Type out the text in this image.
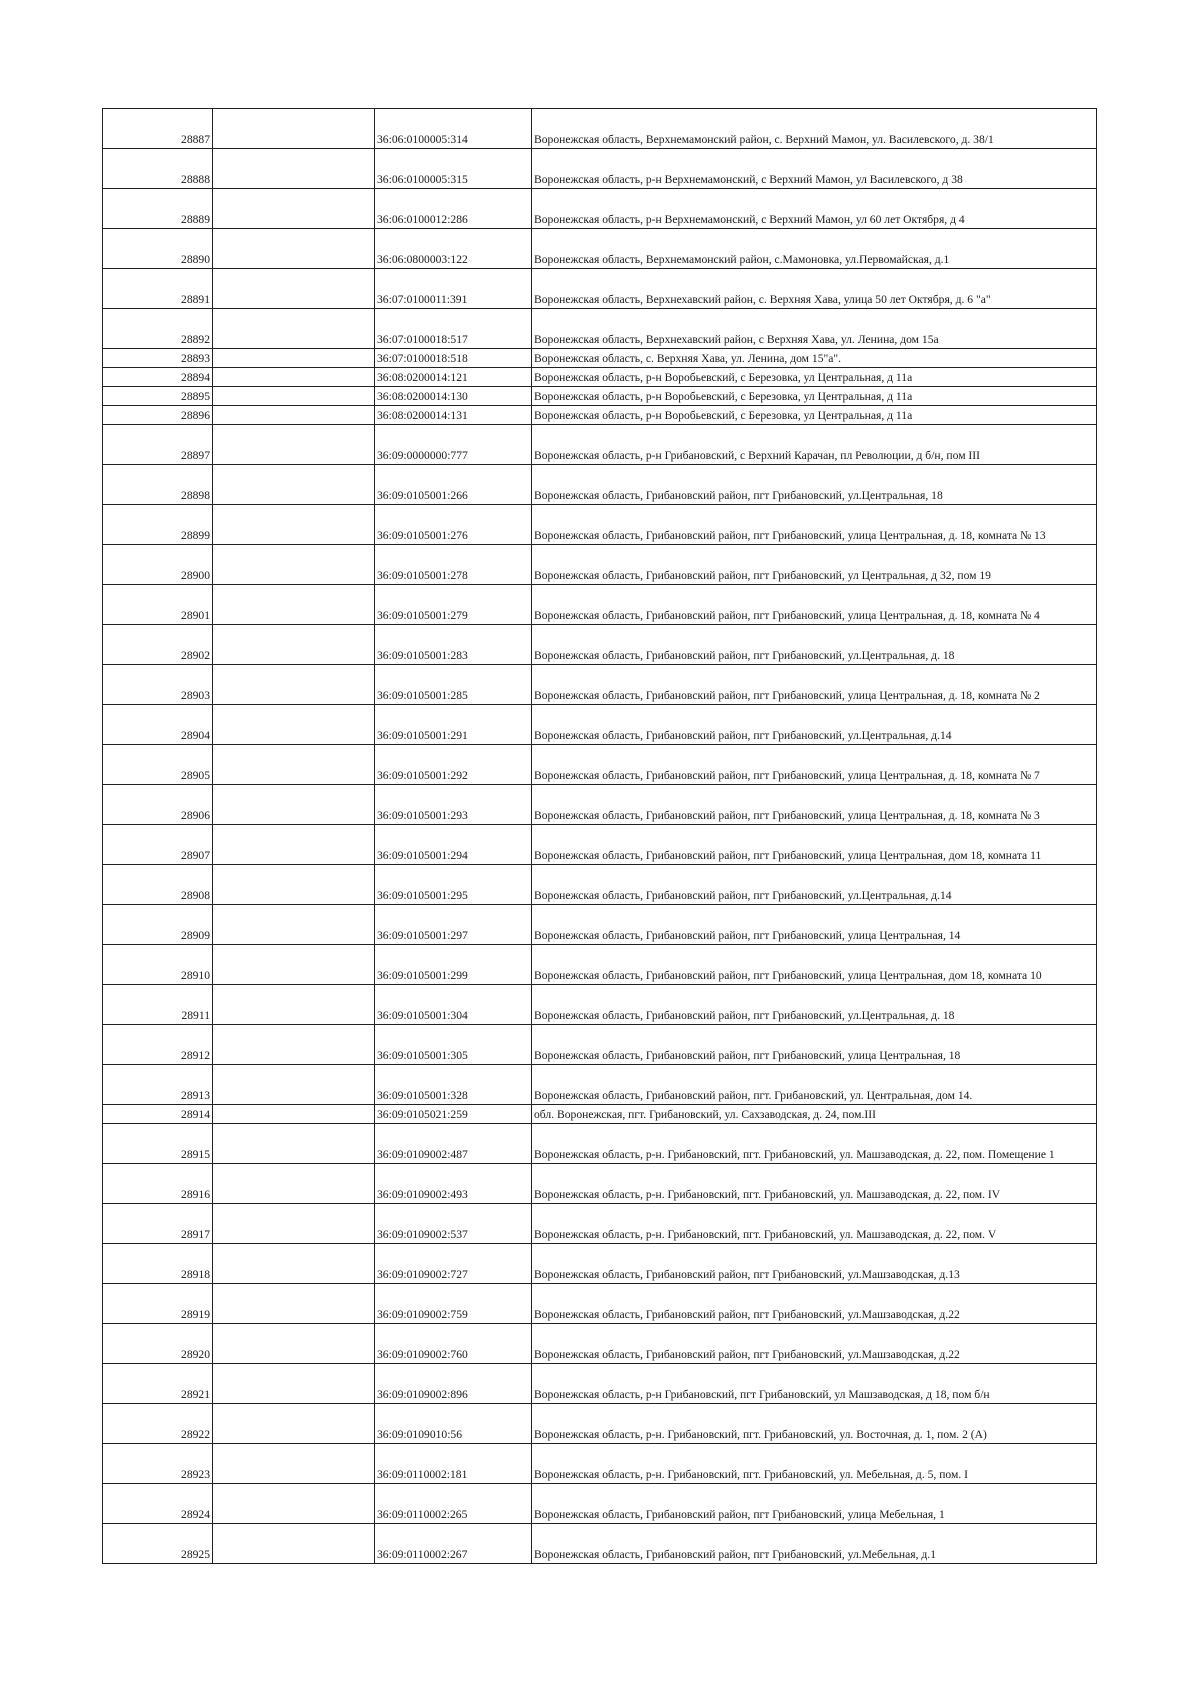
28887		36:06:0100005:314	Воронежская область, Верхнемамонский район, с. Верхний Мамон, ул. Василевского, д. 38/1
28888		36:06:0100005:315	Воронежская область, р-н Верхнемамонский, с Верхний Мамон, ул Василевского, д 38
28889		36:06:0100012:286	Воронежская область, р-н Верхнемамонский, с Верхний Мамон, ул 60 лет Октября, д 4
28890		36:06:0800003:122	Воронежская область, Верхнемамонский район, с.Мамоновка, ул.Первомайская, д.1
28891		36:07:0100011:391	Воронежская область, Верхнехавский район, с. Верхняя Хава, улица 50 лет Октября, д. 6 "а"
28892		36:07:0100018:517	Воронежская область, Верхнехавский район, с Верхняя Хава, ул. Ленина, дом 15а
28893		36:07:0100018:518	Воронежская область, с. Верхняя Хава, ул. Ленина, дом 15"а".
28894		36:08:0200014:121	Воронежская область, р-н Воробьевский, с Березовка, ул Центральная, д 11а
28895		36:08:0200014:130	Воронежская область, р-н Воробьевский, с Березовка, ул Центральная, д 11а
28896		36:08:0200014:131	Воронежская область, р-н Воробьевский, с Березовка, ул Центральная, д 11а
28897		36:09:0000000:777	Воронежская область, р-н Грибановский, с Верхний Карачан, пл Революции, д б/н, пом III
28898		36:09:0105001:266	Воронежская область, Грибановский район, пгт Грибановский, ул.Центральная, 18
28899		36:09:0105001:276	Воронежская область, Грибановский район, пгт Грибановский, улица Центральная, д. 18, комната № 13
28900		36:09:0105001:278	Воронежская область, Грибановский район, пгт Грибановский, ул Центральная, д 32, пом 19
28901		36:09:0105001:279	Воронежская область, Грибановский район, пгт Грибановский, улица Центральная, д. 18, комната № 4
28902		36:09:0105001:283	Воронежская область, Грибановский район, пгт Грибановский, ул.Центральная, д. 18
28903		36:09:0105001:285	Воронежская область, Грибановский район, пгт Грибановский, улица Центральная, д. 18, комната № 2
28904		36:09:0105001:291	Воронежская область, Грибановский район, пгт Грибановский, ул.Центральная, д.14
28905		36:09:0105001:292	Воронежская область, Грибановский район, пгт Грибановский, улица Центральная, д. 18, комната № 7
28906		36:09:0105001:293	Воронежская область, Грибановский район, пгт Грибановский, улица Центральная, д. 18, комната № 3
28907		36:09:0105001:294	Воронежская область, Грибановский район, пгт Грибановский, улица Центральная, дом 18, комната 11
28908		36:09:0105001:295	Воронежская область, Грибановский район, пгт Грибановский, ул.Центральная, д.14
28909		36:09:0105001:297	Воронежская область, Грибановский район, пгт Грибановский, улица Центральная, 14
28910		36:09:0105001:299	Воронежская область, Грибановский район, пгт Грибановский, улица Центральная, дом 18, комната 10
28911		36:09:0105001:304	Воронежская область, Грибановский район, пгт Грибановский, ул.Центральная, д. 18
28912		36:09:0105001:305	Воронежская область, Грибановский район, пгт Грибановский, улица Центральная, 18
28913		36:09:0105001:328	Воронежская область, Грибановский район, пгт. Грибановский, ул. Центральная, дом 14.
28914		36:09:0105021:259	обл. Воронежская, пгт. Грибановский, ул. Сахзаводская, д. 24, пом.III
28915		36:09:0109002:487	Воронежская область, р-н. Грибановский, пгт. Грибановский, ул. Машзаводская, д. 22, пом. Помещение 1
28916		36:09:0109002:493	Воронежская область, р-н. Грибановский, пгт. Грибановский, ул. Машзаводская, д. 22, пом. IV
28917		36:09:0109002:537	Воронежская область, р-н. Грибановский, пгт. Грибановский, ул. Машзаводская, д. 22, пом. V
28918		36:09:0109002:727	Воронежская область, Грибановский район, пгт Грибановский, ул.Машзаводская, д.13
28919		36:09:0109002:759	Воронежская область, Грибановский район, пгт Грибановский, ул.Машзаводская, д.22
28920		36:09:0109002:760	Воронежская область, Грибановский район, пгт Грибановский, ул.Машзаводская, д.22
28921		36:09:0109002:896	Воронежская область, р-н Грибановский, пгт Грибановский, ул Машзаводская, д 18, пом б/н
28922		36:09:0109010:56	Воронежская область, р-н. Грибановский, пгт. Грибановский, ул. Восточная, д. 1, пом. 2 (А)
28923		36:09:0110002:181	Воронежская область, р-н. Грибановский, пгт. Грибановский, ул. Мебельная, д. 5, пом. I
28924		36:09:0110002:265	Воронежская область, Грибановский район, пгт Грибановский, улица Мебельная, 1
28925		36:09:0110002:267	Воронежская область, Грибановский район, пгт Грибановский, ул.Мебельная, д.1
